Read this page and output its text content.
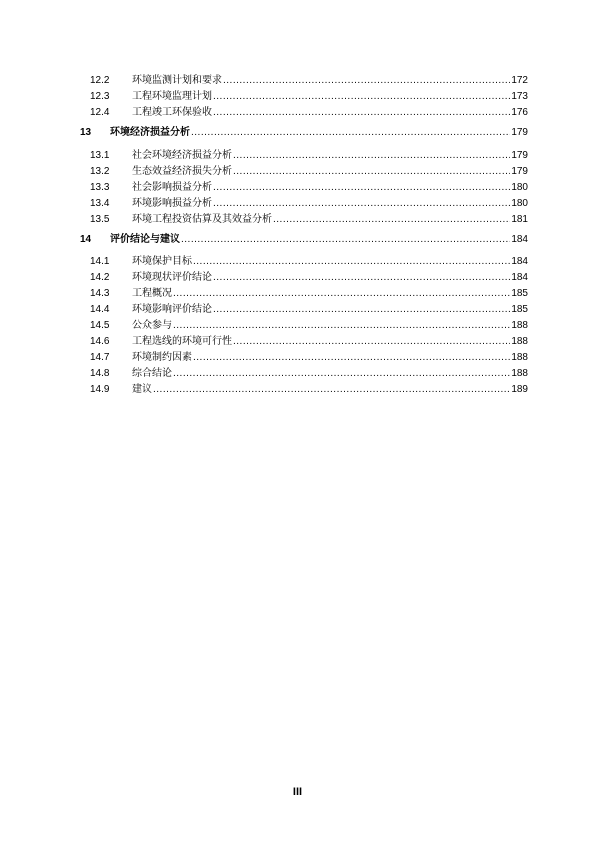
12.2	环境监测计划和要求 .....	172
12.3	工程环境监理计划 .....	173
12.4	工程竣工环保验收 .....	176
13	环境经济损益分析 .....	179
13.1	社会环境经济损益分析 .....	179
13.2	生态效益经济损失分析 .....	179
13.3	社会影响损益分析 .....	180
13.4	环境影响损益分析 .....	180
13.5	环境工程投资估算及其效益分析 .....	181
14	评价结论与建议 .....	184
14.1	环境保护目标 .....	184
14.2	环境现状评价结论 .....	184
14.3	工程概况 .....	185
14.4	环境影响评价结论 .....	185
14.5	公众参与 .....	188
14.6	工程选线的环境可行性 .....	188
14.7	环境制约因素 .....	188
14.8	综合结论 .....	188
14.9	建议 .....	189
III
